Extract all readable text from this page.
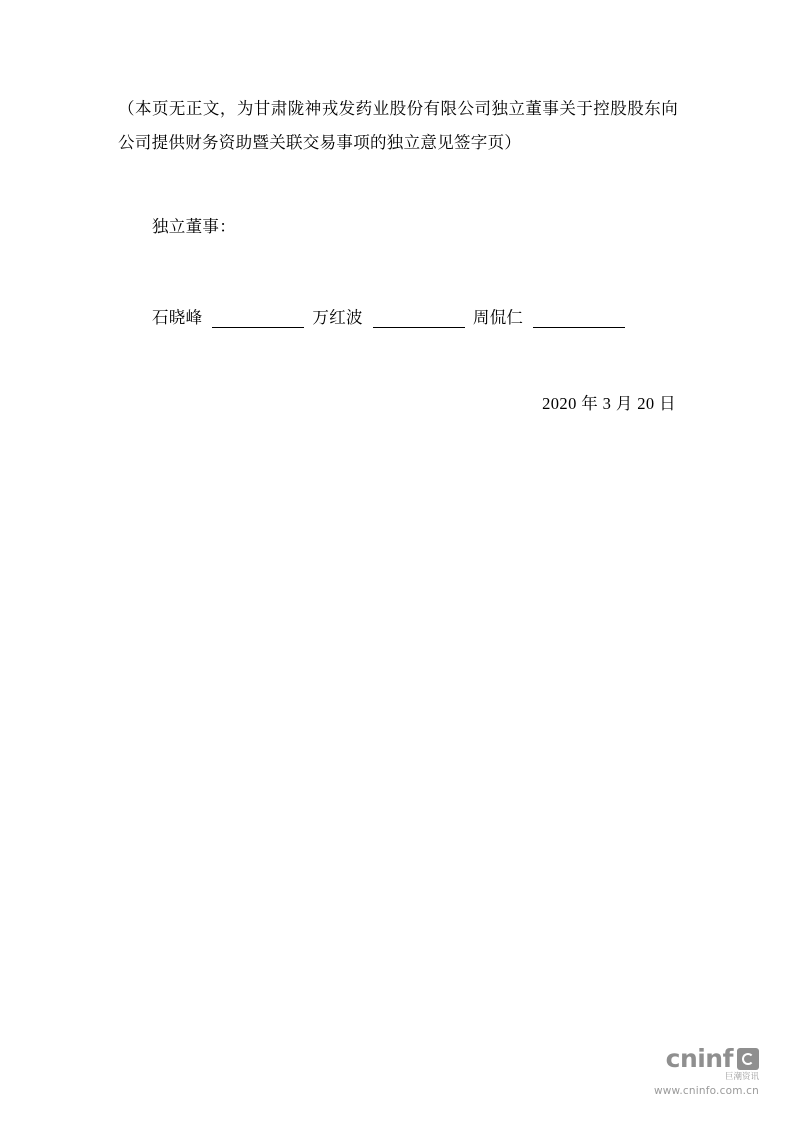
（本页无正文，为甘肃陇神戎发药业股份有限公司独立董事关于控股股东向公司提供财务资助暨关联交易事项的独立意见签字页）

独立董事：
石晓峰	万红波	周侃仁
2020 年 3 月 20 日
cninf
巨潮资讯
www.cninfo.com.cn
